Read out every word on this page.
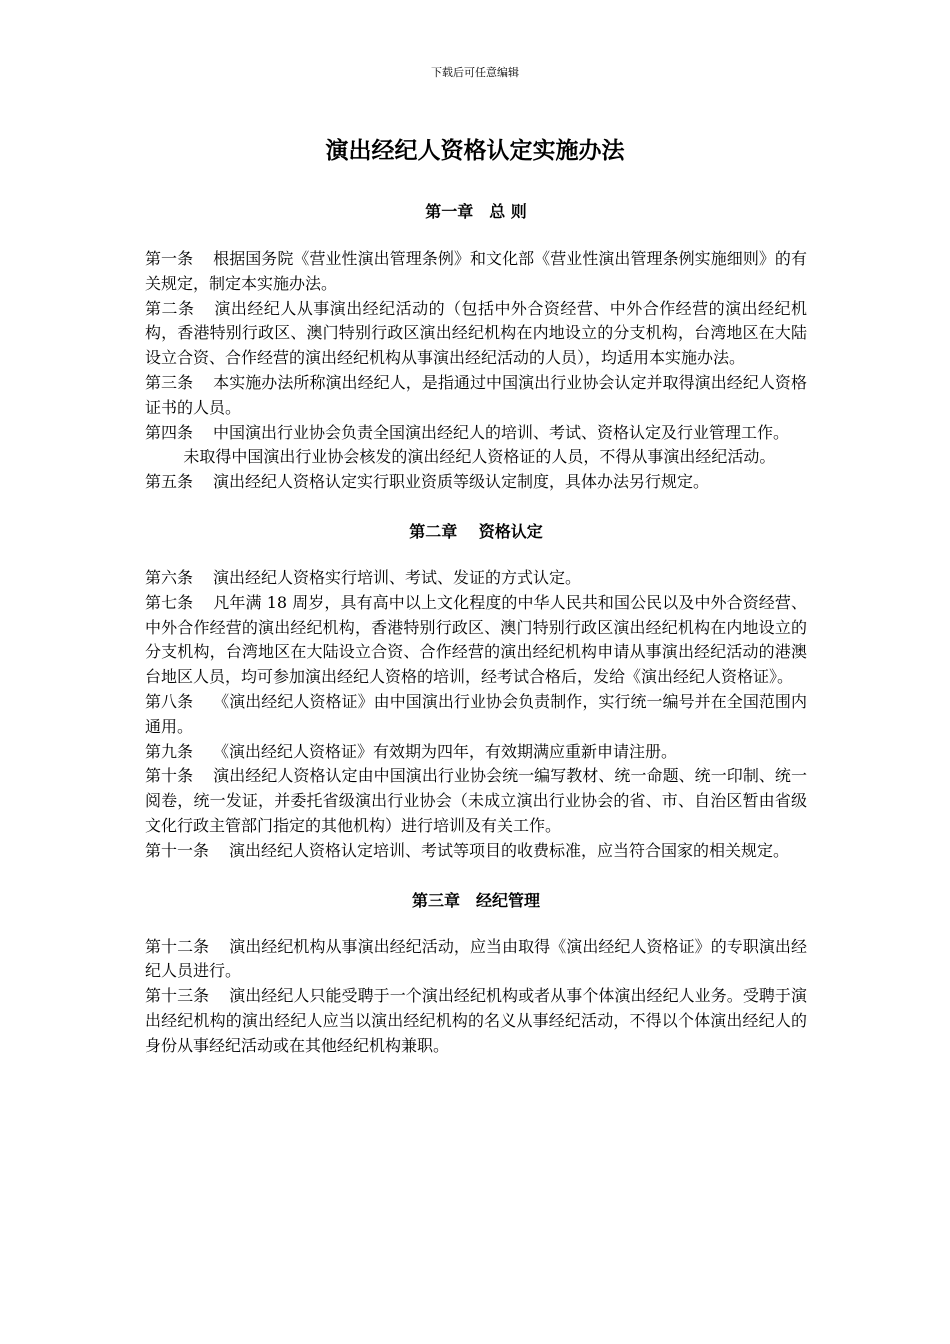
下载后可任意编辑
演出经纪人资格认定实施办法
第一章　总 则

第一条 根据国务院《营业性演出管理条例》和文化部《营业性演出管理条例实施细则》的有关规定，制定本实施办法。

第二条 演出经纪人从事演出经纪活动的（包括中外合资经营、中外合作经营的演出经纪机构，香港特别行政区、澳门特别行政区演出经纪机构在内地设立的分支机构，台湾地区在大陆设立合资、合作经营的演出经纪机构从事演出经纪活动的人员），均适用本实施办法。

第三条 本实施办法所称演出经纪人，是指通过中国演出行业协会认定并取得演出经纪人资格证书的人员。

第四条 中国演出行业协会负责全国演出经纪人的培训、考试、资格认定及行业管理工作。

未取得中国演出行业协会核发的演出经纪人资格证的人员，不得从事演出经纪活动。

第五条 演出经纪人资格认定实行职业资质等级认定制度，具体办法另行规定。

第二章　 资格认定

第六条 演出经纪人资格实行培训、考试、发证的方式认定。

第七条 凡年满 18 周岁，具有高中以上文化程度的中华人民共和国公民以及中外合资经营、中外合作经营的演出经纪机构，香港特别行政区、澳门特别行政区演出经纪机构在内地设立的分支机构，台湾地区在大陆设立合资、合作经营的演出经纪机构申请从事演出经纪活动的港澳台地区人员，均可参加演出经纪人资格的培训，经考试合格后，发给《演出经纪人资格证》。

第八条 《演出经纪人资格证》由中国演出行业协会负责制作，实行统一编号并在全国范围内通用。

第九条 《演出经纪人资格证》有效期为四年，有效期满应重新申请注册。

第十条 演出经纪人资格认定由中国演出行业协会统一编写教材、统一命题、统一印制、统一阅卷，统一发证，并委托省级演出行业协会（未成立演出行业协会的省、市、自治区暂由省级文化行政主管部门指定的其他机构）进行培训及有关工作。

第十一条 演出经纪人资格认定培训、考试等项目的收费标准，应当符合国家的相关规定。

第三章　经纪管理

第十二条 演出经纪机构从事演出经纪活动，应当由取得《演出经纪人资格证》的专职演出经纪人员进行。

第十三条 演出经纪人只能受聘于一个演出经纪机构或者从事个体演出经纪人业务。受聘于演出经纪机构的演出经纪人应当以演出经纪机构的名义从事经纪活动，不得以个体演出经纪人的身份从事经纪活动或在其他经纪机构兼职。
